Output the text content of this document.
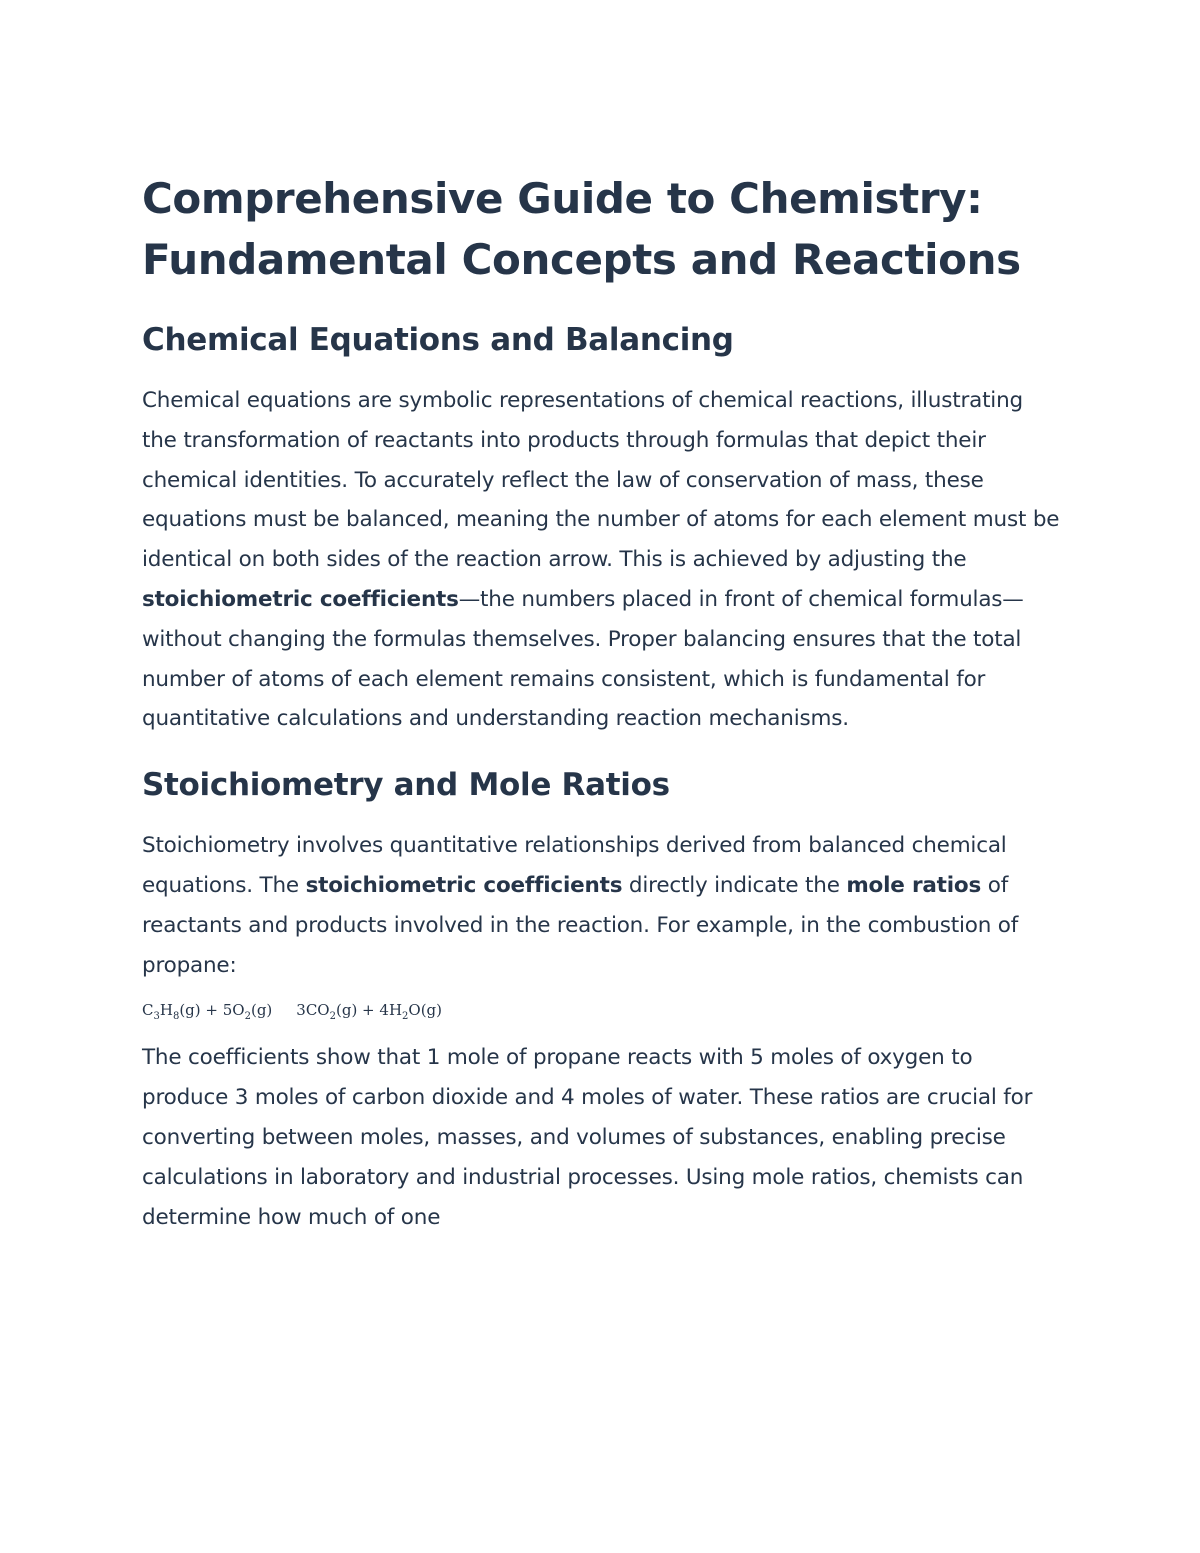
Comprehensive Guide to Chemistry: Fundamental Concepts and Reactions
Chemical Equations and Balancing

Chemical equations are symbolic representations of chemical reactions, illustrating the transformation of reactants into products through formulas that depict their chemical identities. To accurately reflect the law of conservation of mass, these equations must be balanced, meaning the number of atoms for each element must be identical on both sides of the reaction arrow. This is achieved by adjusting the stoichiometric coefficients—the numbers placed in front of chemical formulas—without changing the formulas themselves. Proper balancing ensures that the total number of atoms of each element remains consistent, which is fundamental for quantitative calculations and understanding reaction mechanisms.

Stoichiometry and Mole Ratios

Stoichiometry involves quantitative relationships derived from balanced chemical equations. The stoichiometric coefficients directly indicate the mole ratios of reactants and products involved in the reaction. For example, in the combustion of propane:

$C_3H_8(g) + 5O_2(g) 3CO_2(g) + 4H_2O(g)$

The coefficients show that 1 mole of propane reacts with 5 moles of oxygen to produce 3 moles of carbon dioxide and 4 moles of water. These ratios are crucial for converting between moles, masses, and volumes of substances, enabling precise calculations in laboratory and industrial processes. Using mole ratios, chemists can determine how much of one
